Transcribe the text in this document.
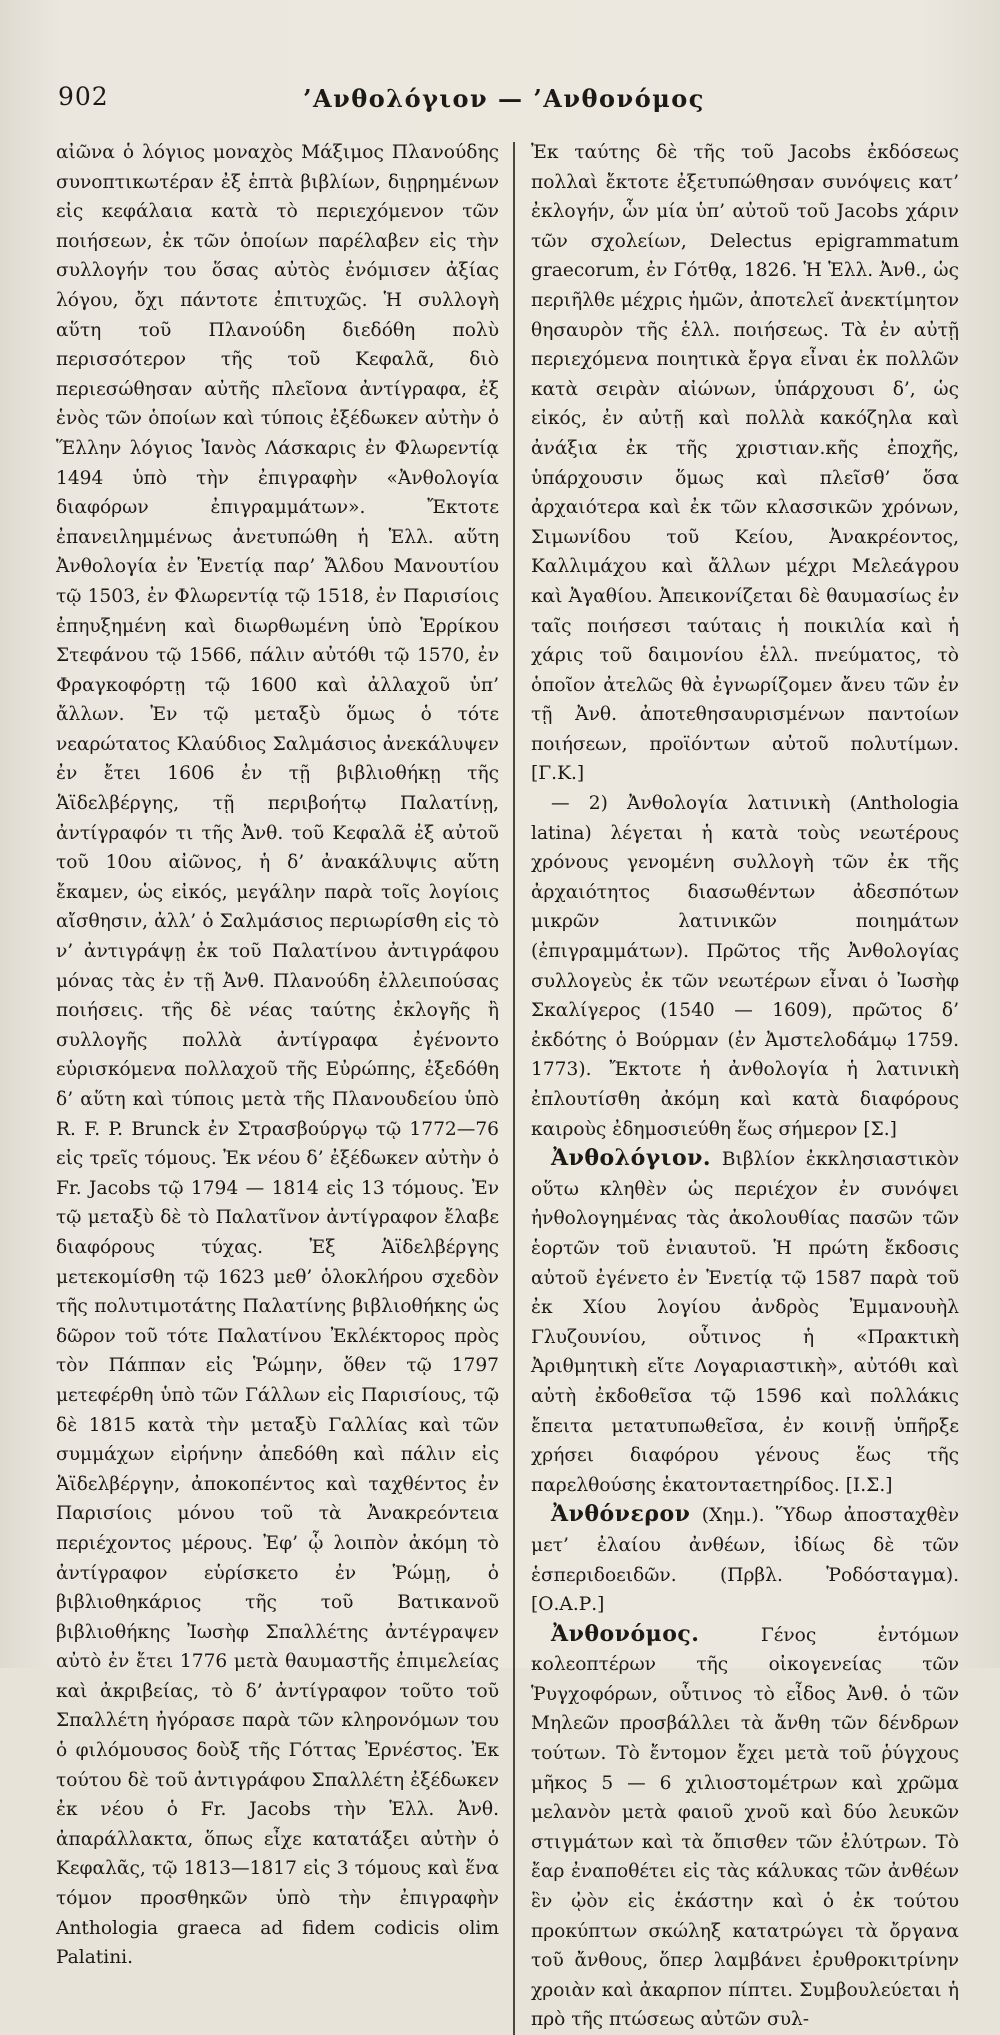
902	’Ανθολόγιον — ’Ανθονόμος

αἰῶνα ὁ λόγιος μοναχὸς Μάξιμος Πλανούδης συνοπτικωτέραν ἐξ ἑπτὰ βιβλίων, διῃρημένων εἰς κεφάλαια κατὰ τὸ περιεχόμενον τῶν ποιήσεων, ἐκ τῶν ὁποίων παρέλαβεν εἰς τὴν συλλογήν του ὅσας αὐτὸς ἐνόμισεν ἀξίας λόγου, ὄχι πάντοτε ἐπιτυχῶς. Ἡ συλλογὴ αὕτη τοῦ Πλανούδη διεδόθη πολὺ περισσότερον τῆς τοῦ Κεφαλᾶ, διὸ περιεσώθησαν αὐτῆς πλεῖονα ἀντίγραφα, ἐξ ἑνὸς τῶν ὁποίων καὶ τύποις ἐξέδωκεν αὐτὴν ὁ Ἕλλην λόγιος Ἰανὸς Λάσκαρις ἐν Φλωρεντίᾳ 1494 ὑπὸ τὴν ἐπιγραφὴν «Ἀνθολογία διαφόρων ἐπιγραμμάτων». Ἔκτοτε ἐπανειλημμένως ἀνετυπώθη ἡ Ἑλλ. αὕτη Ἀνθολογία ἐν Ἑνετίᾳ παρ’ Ἄλδου Μανουτίου τῷ 1503, ἐν Φλωρεντίᾳ τῷ 1518, ἐν Παρισίοις ἐπηυξημένη καὶ διωρθωμένη ὑπὸ Ἑρρίκου Στεφάνου τῷ 1566, πάλιν αὐτόθι τῷ 1570, ἐν Φραγκοφόρτῃ τῷ 1600 καὶ ἀλλαχοῦ ὑπ’ ἄλλων. Ἐν τῷ μεταξὺ ὅμως ὁ τότε νεαρώτατος Κλαύδιος Σαλμάσιος ἀνεκάλυψεν ἐν ἔτει 1606 ἐν τῇ βιβλιοθήκῃ τῆς Ἁϊδελβέργης, τῇ περιβοήτῳ Παλατίνῃ, ἀντίγραφόν τι τῆς Ἀνθ. τοῦ Κεφαλᾶ ἐξ αὐτοῦ τοῦ 10ου αἰῶνος, ἡ δ’ ἀνακάλυψις αὕτη ἔκαμεν, ὡς εἰκός, μεγάλην παρὰ τοῖς λογίοις αἴσθησιν, ἀλλ’ ὁ Σαλμάσιος περιωρίσθη εἰς τὸ ν’ ἀντιγράψῃ ἐκ τοῦ Παλατίνου ἀντιγράφου μόνας τὰς ἐν τῇ Ἀνθ. Πλανούδη ἐλλειπούσας ποιήσεις. τῆς δὲ νέας ταύτης ἐκλογῆς ἢ συλλογῆς πολλὰ ἀντίγραφα ἐγένοντο εὑρισκόμενα πολλαχοῦ τῆς Εὐρώπης, ἐξεδόθη δ’ αὕτη καὶ τύποις μετὰ τῆς Πλανουδείου ὑπὸ R. F. P. Brunck ἐν Στρασβούργῳ τῷ 1772—76 εἰς τρεῖς τόμους. Ἐκ νέου δ’ ἐξέδωκεν αὐτὴν ὁ Fr. Jacobs τῷ 1794 — 1814 εἰς 13 τόμους. Ἐν τῷ μεταξὺ δὲ τὸ Παλατῖνον ἀντίγραφον ἔλαβε διαφόρους τύχας. Ἐξ Ἁϊδελβέργης μετεκομίσθη τῷ 1623 μεθ’ ὁλοκλήρου σχεδὸν τῆς πολυτιμοτάτης Παλατίνης βιβλιοθήκης ὡς δῶρον τοῦ τότε Παλατίνου Ἐκλέκτορος πρὸς τὸν Πάππαν εἰς Ῥώμην, ὅθεν τῷ 1797 μετεφέρθη ὑπὸ τῶν Γάλλων εἰς Παρισίους, τῷ δὲ 1815 κατὰ τὴν μεταξὺ Γαλλίας καὶ τῶν συμμάχων εἰρήνην ἀπεδόθη καὶ πάλιν εἰς Ἁϊδελβέργην, ἀποκοπέντος καὶ ταχθέντος ἐν Παρισίοις μόνου τοῦ τὰ Ἀνακρεόντεια περιέχοντος μέρους. Ἐφ’ ᾧ λοιπὸν ἀκόμη τὸ ἀντίγραφον εὑρίσκετο ἐν Ῥώμῃ, ὁ βιβλιοθηκάριος τῆς τοῦ Βατικανοῦ βιβλιοθήκης Ἰωσὴφ Σπαλλέτης ἀντέγραψεν αὐτὸ ἐν ἔτει 1776 μετὰ θαυμαστῆς ἐπιμελείας καὶ ἀκριβείας, τὸ δ’ ἀντίγραφον τοῦτο τοῦ Σπαλλέτη ἠγόρασε παρὰ τῶν κληρονόμων του ὁ φιλόμουσος δοὺξ τῆς Γόττας Ἐρνέστος. Ἐκ τούτου δὲ τοῦ ἀντιγράφου Σπαλλέτη ἐξέδωκεν ἐκ νέου ὁ Fr. Jacobs τὴν Ἑλλ. Ἀνθ. ἀπαράλλακτα, ὅπως εἶχε κατατάξει αὐτὴν ὁ Κεφαλᾶς, τῷ 1813—1817 εἰς 3 τόμους καὶ ἕνα τόμον προσθηκῶν ὑπὸ τὴν ἐπιγραφὴν Anthologia graeca ad fidem codicis olim Palatini.

Ἐκ ταύτης δὲ τῆς τοῦ Jacobs ἐκδόσεως πολλαὶ ἔκτοτε ἐξετυπώθησαν συνόψεις κατ’ ἐκλογήν, ὧν μία ὑπ’ αὐτοῦ τοῦ Jacobs χάριν τῶν σχολείων, Delectus epigrammatum graecorum, ἐν Γότθᾳ, 1826. Ἡ Ἑλλ. Ἀνθ., ὡς περιῆλθε μέχρις ἡμῶν, ἀποτελεῖ ἀνεκτίμητον θησαυρὸν τῆς ἑλλ. ποιήσεως. Τὰ ἐν αὐτῇ περιεχόμενα ποιητικὰ ἔργα εἶναι ἐκ πολλῶν κατὰ σειρὰν αἰώνων, ὑπάρχουσι δ’, ὡς εἰκός, ἐν αὐτῇ καὶ πολλὰ κακόζηλα καὶ ἀνάξια ἐκ τῆς χριστιαν.κῆς ἐποχῆς, ὑπάρχουσιν ὅμως καὶ πλεῖσθ’ ὅσα ἀρχαιότερα καὶ ἐκ τῶν κλασσικῶν χρόνων, Σιμωνίδου τοῦ Κείου, Ἀνακρέοντος, Καλλιμάχου καὶ ἄλλων μέχρι Μελεάγρου καὶ Ἀγαθίου. Ἀπεικονίζεται δὲ θαυμασίως ἐν ταῖς ποιήσεσι ταύταις ἡ ποικιλία καὶ ἡ χάρις τοῦ δαιμονίου ἑλλ. πνεύματος, τὸ ὁποῖον ἀτελῶς θὰ ἐγνωρίζομεν ἄνευ τῶν ἐν τῇ Ἀνθ. ἀποτεθησαυρισμένων παντοίων ποιήσεων, προϊόντων αὐτοῦ πολυτίμων. [Γ.Κ.]

— 2) Ἀνθολογία λατινικὴ (Anthologia latina) λέγεται ἡ κατὰ τοὺς νεωτέρους χρόνους γενομένη συλλογὴ τῶν ἐκ τῆς ἀρχαιότητος διασωθέντων ἀδεσπότων μικρῶν λατινικῶν ποιημάτων (ἐπιγραμμάτων). Πρῶτος τῆς Ἀνθολογίας συλλογεὺς ἐκ τῶν νεωτέρων εἶναι ὁ Ἰωσὴφ Σκαλίγερος (1540 — 1609), πρῶτος δ’ ἐκδότης ὁ Βούρμαν (ἐν Ἀμστελοδάμῳ 1759. 1773). Ἔκτοτε ἡ ἀνθολογία ἡ λατινικὴ ἐπλουτίσθη ἀκόμη καὶ κατὰ διαφόρους καιροὺς ἐδημοσιεύθη ἕως σήμερον [Σ.]

Ἀνθολόγιον. Βιβλίον ἐκκλησιαστικὸν οὕτω κληθὲν ὡς περιέχον ἐν συνόψει ἠνθολογημένας τὰς ἀκολουθίας πασῶν τῶν ἑορτῶν τοῦ ἐνιαυτοῦ. Ἡ πρώτη ἔκδοσις αὐτοῦ ἐγένετο ἐν Ἑνετίᾳ τῷ 1587 παρὰ τοῦ ἐκ Χίου λογίου ἀνδρὸς Ἐμμανουὴλ Γλυζουνίου, οὗτινος ἡ «Πρακτικὴ Ἀριθμητικὴ εἴτε Λογαριαστικὴ», αὐτόθι καὶ αὐτὴ ἐκδοθεῖσα τῷ 1596 καὶ πολλάκις ἔπειτα μετατυπωθεῖσα, ἐν κοινῇ ὑπῆρξε χρήσει διαφόρου γένους ἕως τῆς παρελθούσης ἑκατονταετηρίδος. [Ι.Σ.]

Ἀνθόνερον (Χημ.). Ὕδωρ ἀποσταχθὲν μετ’ ἐλαίου ἀνθέων, ἰδίως δὲ τῶν ἑσπεριδοειδῶν. (Πρβλ. Ῥοδόσταγμα). [Ο.Α.Ρ.]

Ἀνθονόμος.	Γένος ἐντόμων κολεοπτέρων τῆς οἰκογενείας τῶν Ῥυγχοφόρων, οὗτινος τὸ εἶδος Ἀνθ. ὁ τῶν Μηλεῶν προσβάλλει τὰ ἄνθη τῶν δένδρων τούτων. Τὸ ἔντομον ἔχει μετὰ τοῦ ῥύγχους μῆκος 5 — 6 χιλιοστομέτρων καὶ χρῶμα μελανὸν μετὰ φαιοῦ χνοῦ καὶ δύο λευκῶν στιγμάτων καὶ τὰ ὄπισθεν τῶν ἐλύτρων. Τὸ ἔαρ ἐναποθέτει εἰς τὰς κάλυκας τῶν ἀνθέων ἓν ᾠὸν εἰς ἑκάστην καὶ ὁ ἐκ τούτου προκύπτων σκώληξ κατατρώγει τὰ ὄργανα τοῦ ἄνθους, ὅπερ λαμβάνει ἐρυθροκιτρίνην χροιὰν καὶ ἀκαρπον πίπτει. Συμβουλεύεται ἡ πρὸ τῆς πτώσεως αὐτῶν συλ-
